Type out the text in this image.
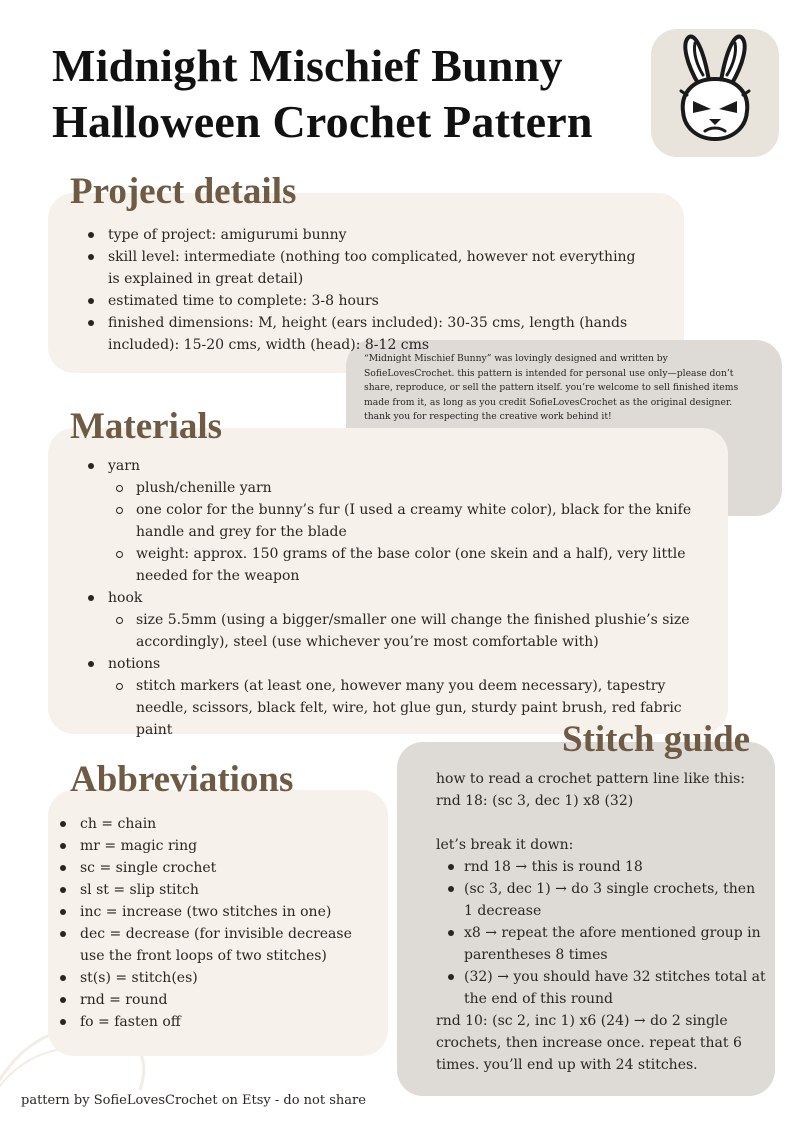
Midnight Mischief Bunny
Halloween Crochet Pattern
Project details
type of project: amigurumi bunny
skill level: intermediate (nothing too complicated, however not everything is explained in great detail)
estimated time to complete: 3-8 hours
finished dimensions: M, height (ears included): 30-35 cms, length (hands included): 15-20 cms, width (head): 8-12 cms
“Midnight Mischief Bunny” was lovingly designed and written by SofieLovesCrochet. this pattern is intended for personal use only—please don’t share, reproduce, or sell the pattern itself. you’re welcome to sell finished items made from it, as long as you credit SofieLovesCrochet as the original designer. thank you for respecting the creative work behind it!
Materials
yarn
plush/chenille yarn
one color for the bunny’s fur (I used a creamy white color), black for the knife handle and grey for the blade
weight: approx. 150 grams of the base color (one skein and a half), very little needed for the weapon
hook
size 5.5mm (using a bigger/smaller one will change the finished plushie’s size accordingly), steel (use whichever you’re most comfortable with)
notions
stitch markers (at least one, however many you deem necessary), tapestry needle, scissors, black felt, wire, hot glue gun, sturdy paint brush, red fabric paint
Abbreviations
ch = chain
mr = magic ring
sc = single crochet
sl st = slip stitch
inc = increase (two stitches in one)
dec = decrease (for invisible decrease use the front loops of two stitches)
st(s) = stitch(es)
rnd = round
fo = fasten off
Stitch guide

how to read a crochet pattern line like this:

rnd 18: (sc 3, dec 1) x8 (32)

let’s break it down:

rnd 18 → this is round 18
(sc 3, dec 1) → do 3 single crochets, then 1 decrease
x8 → repeat the afore mentioned group in parentheses 8 times
(32) → you should have 32 stitches total at the end of this round

rnd 10: (sc 2, inc 1) x6 (24) → do 2 single crochets, then increase once. repeat that 6 times. you’ll end up with 24 stitches.

pattern by SofieLovesCrochet on Etsy - do not share
